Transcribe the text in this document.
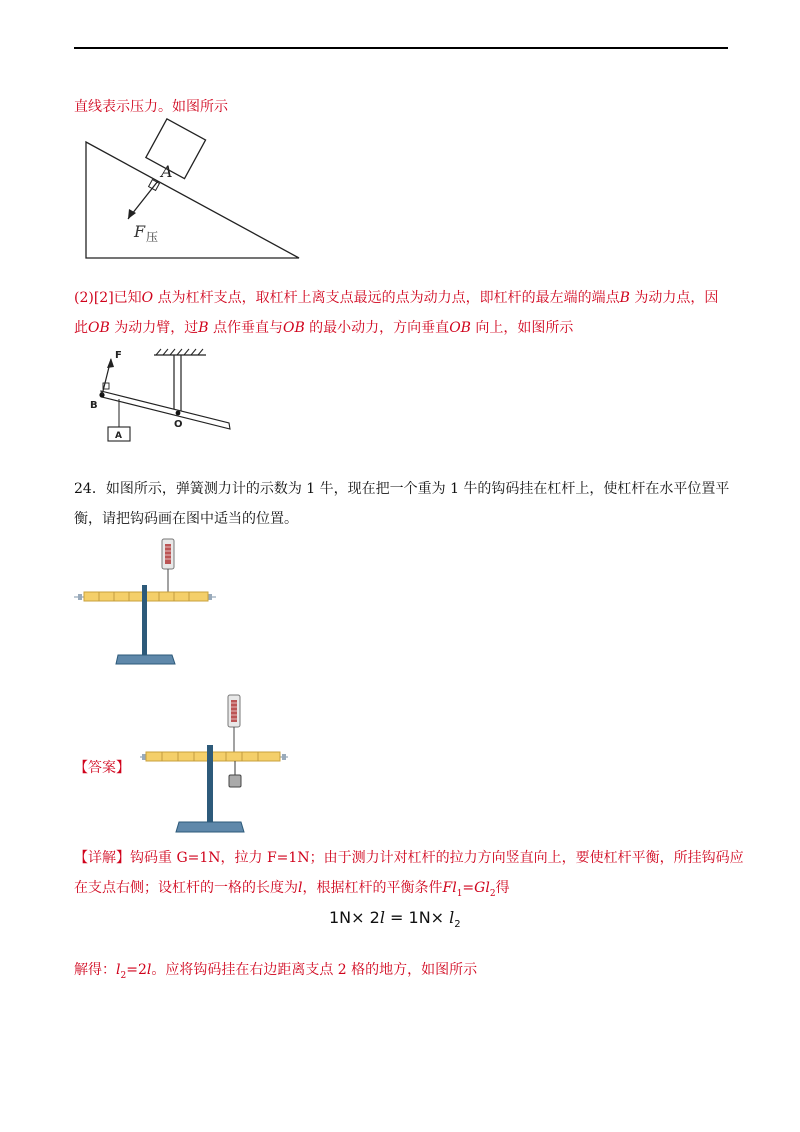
直线表示压力。如图所示
A
F 压
(2)[2]已知O 点为杠杆支点，取杠杆上离支点最远的点为动力点，即杠杆的最左端的端点B 为动力点，因
此OB 为动力臂，过B 点作垂直与OB 的最小动力，方向垂直OB 向上，如图所示
F
B
O
A
24．如图所示，弹簧测力计的示数为 1 牛，现在把一个重为 1 牛的钩码挂在杠杆上，使杠杆在水平位置平
衡，请把钩码画在图中适当的位置。
【答案】
【详解】钩码重 G=1N，拉力 F=1N；由于测力计对杠杆的拉力方向竖直向上，要使杠杆平衡，所挂钩码应
在支点右侧；设杠杆的一格的长度为l，根据杠杆的平衡条件$Fl_1=Gl_2$得
$1N\times 2l = 1N\times l_2$
解得：$l_2=2l$。应将钩码挂在右边距离支点 2 格的地方，如图所示
